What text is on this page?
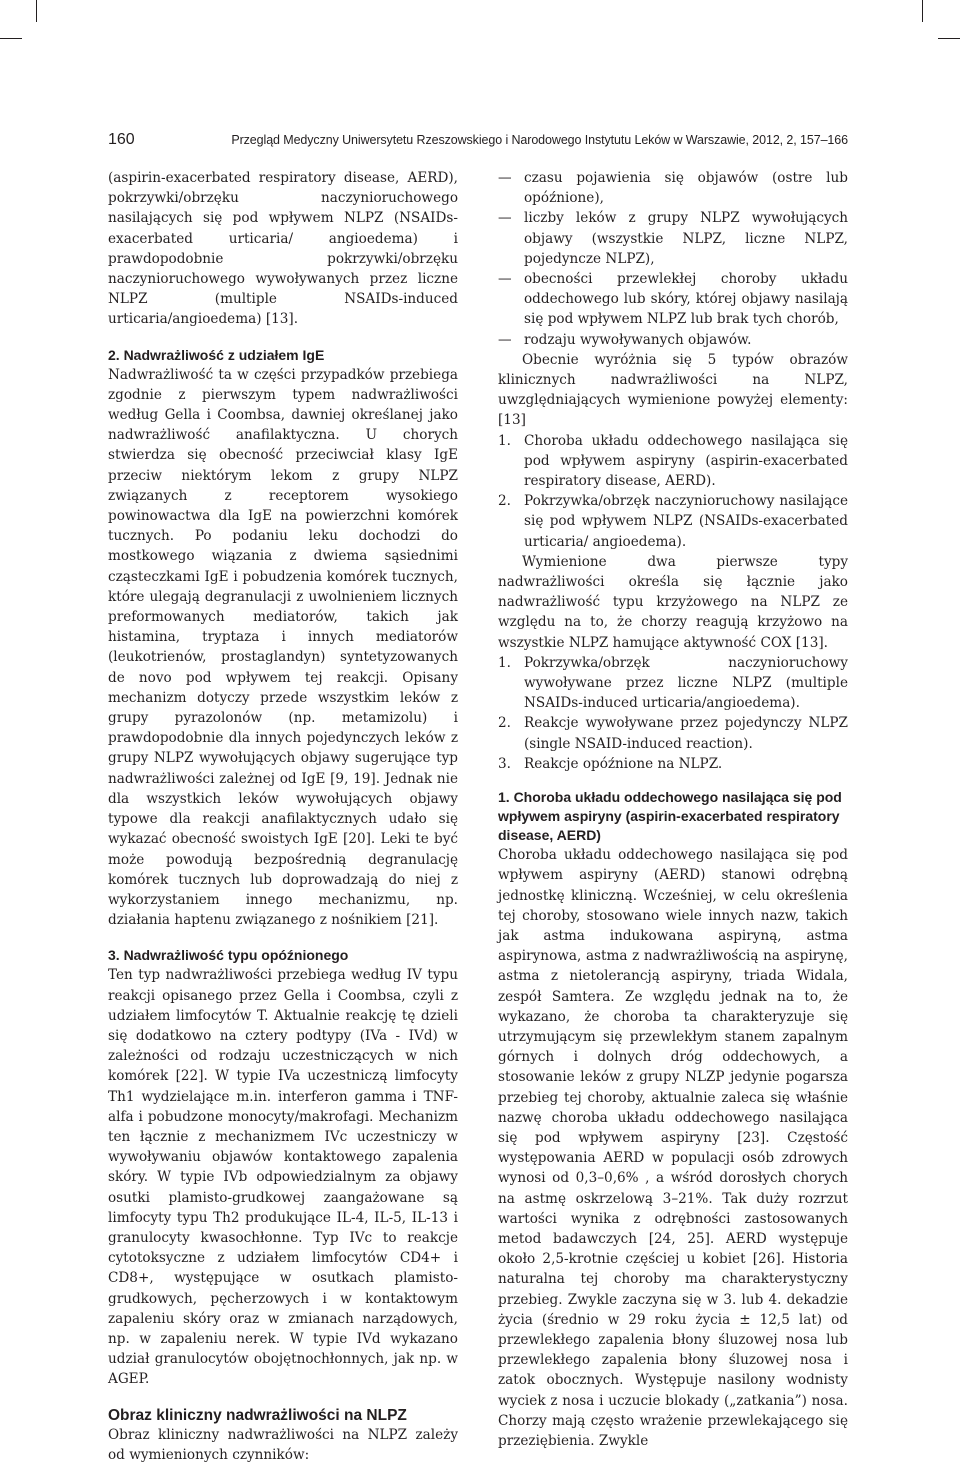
160	Przegląd Medyczny Uniwersytetu Rzeszowskiego i Narodowego Instytutu Leków w Warszawie, 2012, 2, 157–166

(aspirin-exacerbated respiratory disease, AERD), pokrzywki/obrzęku naczynioruchowego nasilających się pod wpływem NLPZ (NSAIDs-exacerbated urticaria/ angioedema) i prawdopodobnie pokrzywki/obrzęku naczynioruchowego wywoływanych przez liczne NLPZ (multiple NSAIDs-induced urticaria/angioedema) [13].

2. Nadwrażliwość z udziałem IgE

Nadwrażliwość ta w części przypadków przebiega zgodnie z pierwszym typem nadwrażliwości według Gella i Coombsa, dawniej określanej jako nadwrażliwość anafilaktyczna. U chorych stwierdza się obecność przeciwciał klasy IgE przeciw niektórym lekom z grupy NLPZ związanych z receptorem wysokiego powinowactwa dla IgE na powierzchni komórek tucznych. Po podaniu leku dochodzi do mostkowego wiązania z dwiema sąsiednimi cząsteczkami IgE i pobudzenia komórek tucznych, które ulegają degranulacji z uwolnieniem licznych preformowanych mediatorów, takich jak histamina, tryptaza i innych mediatorów (leukotrienów, prostaglandyn) syntetyzowanych de novo pod wpływem tej reakcji. Opisany mechanizm dotyczy przede wszystkim leków z grupy pyrazolonów (np. metamizolu) i prawdopodobnie dla innych pojedynczych leków z grupy NLPZ wywołujących objawy sugerujące typ nadwrażliwości zależnej od IgE [9, 19]. Jednak nie dla wszystkich leków wywołujących objawy typowe dla reakcji anafilaktycznych udało się wykazać obecność swoistych IgE [20]. Leki te być może powodują bezpośrednią degranulację komórek tucznych lub doprowadzają do niej z wykorzystaniem innego mechanizmu, np. działania haptenu związanego z nośnikiem [21].

3. Nadwrażliwość typu opóźnionego

Ten typ nadwrażliwości przebiega według IV typu reakcji opisanego przez Gella i Coombsa, czyli z udziałem limfocytów T. Aktualnie reakcję tę dzieli się dodatkowo na cztery podtypy (IVa - IVd) w zależności od rodzaju uczestniczących w nich komórek [22]. W typie IVa uczestniczą limfocyty Th1 wydzielające m.in. interferon gamma i TNF-alfa i pobudzone monocyty/makrofagi. Mechanizm ten łącznie z mechanizmem IVc uczestniczy w wywoływaniu objawów kontaktowego zapalenia skóry. W typie IVb odpowiedzialnym za objawy osutki plamisto-grudkowej zaangażowane są limfocyty typu Th2 produkujące IL-4, IL-5, IL-13 i granulocyty kwasochłonne. Typ IVc to reakcje cytotoksyczne z udziałem limfocytów CD4+ i CD8+, występujące w osutkach plamisto-grudkowych, pęcherzowych i w kontaktowym zapaleniu skóry oraz w zmianach narządowych, np. w zapaleniu nerek. W typie IVd wykazano udział granulocytów obojętnochłonnych, jak np. w AGEP.

Obraz kliniczny nadwrażliwości na NLPZ

Obraz kliniczny nadwrażliwości na NLPZ zależy od wymienionych czynników:

— czasu pojawienia się objawów (ostre lub opóźnione),
— liczby leków z grupy NLPZ wywołujących objawy (wszystkie NLPZ, liczne NLPZ, pojedyncze NLPZ),
— obecności przewlekłej choroby układu oddechowego lub skóry, której objawy nasilają się pod wpływem NLPZ lub brak tych chorób,
— rodzaju wywoływanych objawów.

Obecnie wyróżnia się 5 typów obrazów klinicznych nadwrażliwości na NLPZ, uwzględniających wymienione powyżej elementy: [13]

1. Choroba układu oddechowego nasilająca się pod wpływem aspiryny (aspirin-exacerbated respiratory disease, AERD).
2. Pokrzywka/obrzęk naczynioruchowy nasilające się pod wpływem NLPZ (NSAIDs-exacerbated urticaria/ angioedema).

Wymienione dwa pierwsze typy nadwrażliwości określa się łącznie jako nadwrażliwość typu krzyżowego na NLPZ ze względu na to, że chorzy reagują krzyżowo na wszystkie NLPZ hamujące aktywność COX [13].

1. Pokrzywka/obrzęk naczynioruchowy wywoływane przez liczne NLPZ (multiple NSAIDs-induced urticaria/angioedema).
2. Reakcje wywoływane przez pojedynczy NLPZ (single NSAID-induced reaction).
3. Reakcje opóźnione na NLPZ.
1. Choroba układu oddechowego nasilająca się pod wpływem aspiryny (aspirin-exacerbated respiratory disease, AERD)

Choroba układu oddechowego nasilająca się pod wpływem aspiryny (AERD) stanowi odrębną jednostkę kliniczną. Wcześniej, w celu określenia tej choroby, stosowano wiele innych nazw, takich jak astma indukowana aspiryną, astma aspirynowa, astma z nadwrażliwością na aspirynę, astma z nietolerancją aspiryny, triada Widala, zespół Samtera. Ze względu jednak na to, że wykazano, że choroba ta charakteryzuje się utrzymującym się przewlekłym stanem zapalnym górnych i dolnych dróg oddechowych, a stosowanie leków z grupy NLZP jedynie pogarsza przebieg tej choroby, aktualnie zaleca się właśnie nazwę choroba układu oddechowego nasilająca się pod wpływem aspiryny [23]. Częstość występowania AERD w populacji osób zdrowych wynosi od 0,3–0,6% , a wśród dorosłych chorych na astmę oskrzelową 3–21%. Tak duży rozrzut wartości wynika z odrębności zastosowanych metod badawczych [24, 25]. AERD występuje około 2,5-krotnie częściej u kobiet [26]. Historia naturalna tej choroby ma charakterystyczny przebieg. Zwykle zaczyna się w 3. lub 4. dekadzie życia (średnio w 29 roku życia ± 12,5 lat) od przewlekłego zapalenia błony śluzowej nosa lub przewlekłego zapalenia błony śluzowej nosa i zatok obocznych. Występuje nasilony wodnisty wyciek z nosa i uczucie blokady („zatkania”) nosa. Chorzy mają często wrażenie przewlekającego się przeziębienia. Zwykle
